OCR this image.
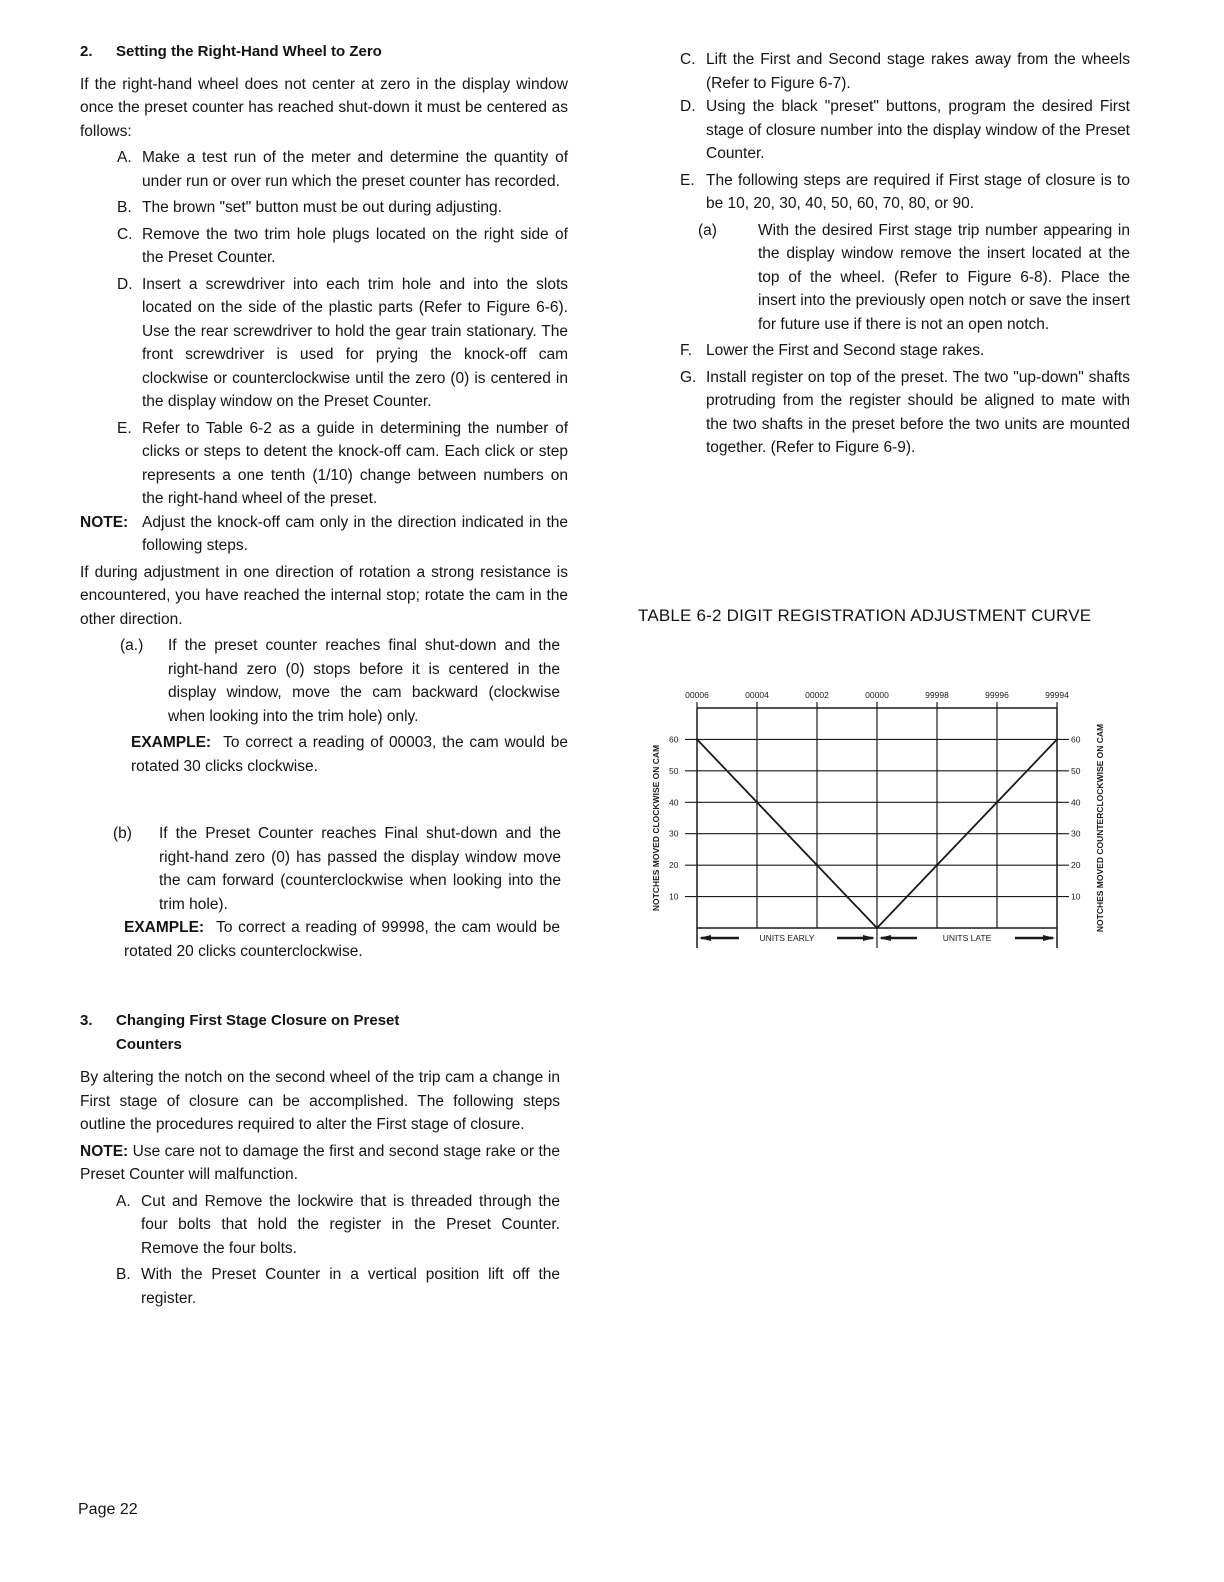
2. Setting the Right-Hand Wheel to Zero

If the right-hand wheel does not center at zero in the display window once the preset counter has reached shut-down it must be centered as follows:

A. Make a test run of the meter and determine the quantity of under run or over run which the preset counter has recorded.
B. The brown "set" button must be out during adjusting.
C. Remove the two trim hole plugs located on the right side of the Preset Counter.
D. Insert a screwdriver into each trim hole and into the slots located on the side of the plastic parts (Refer to Figure 6-6). Use the rear screwdriver to hold the gear train stationary. The front screwdriver is used for prying the knock-off cam clockwise or counterclockwise until the zero (0) is centered in the display window on the Preset Counter.
E. Refer to Table 6-2 as a guide in determining the number of clicks or steps to detent the knock-off cam. Each click or step represents a one tenth (1/10) change between numbers on the right-hand wheel of the preset.
NOTE: Adjust the knock-off cam only in the direction indicated in the following steps.

If during adjustment in one direction of rotation a strong resistance is encountered, you have reached the internal stop; rotate the cam in the other direction.

(a.)	If the preset counter reaches final shut-down and the right-hand zero (0) stops before it is centered in the display window, move the cam backward (clockwise when looking into the trim hole) only.

EXAMPLE: To correct a reading of 00003, the cam would be rotated 30 clicks clockwise.

(b)	If the Preset Counter reaches Final shut-down and the right-hand zero (0) has passed the display window move the cam forward (counterclockwise when looking into the trim hole).

EXAMPLE: To correct a reading of 99998, the cam would be rotated 20 clicks counterclockwise.

3. Changing First Stage Closure on Preset

Counters

By altering the notch on the second wheel of the trip cam a change in First stage of closure can be accomplished. The following steps outline the procedures required to alter the First stage of closure.

NOTE: Use care not to damage the first and second stage rake or the Preset Counter will malfunction.

A. Cut and Remove the lockwire that is threaded through the four bolts that hold the register in the Preset Counter. Remove the four bolts.
B. With the Preset Counter in a vertical position lift off the register.
C. Lift the First and Second stage rakes away from the wheels (Refer to Figure 6-7).
D. Using the black "preset" buttons, program the desired First stage of closure number into the display window of the Preset Counter.
E. The following steps are required if First stage of closure is to be 10, 20, 30, 40, 50, 60, 70, 80, or 90.
(a)	With the desired First stage trip number appearing in the display window remove the insert located at the top of the wheel. (Refer to Figure 6-8). Place the insert into the previously open notch or save the insert for future use if there is not an open notch.
F. Lower the First and Second stage rakes.
G. Install register on top of the preset. The two "up-down" shafts protruding from the register should be aligned to mate with the two shafts in the preset before the two units are mounted together. (Refer to Figure 6-9).
TABLE 6-2 DIGIT REGISTRATION ADJUSTMENT CURVE
00006	00004	00002	00000	99998	99996	99994
10	10
20	20
30	30
40	40
50	50
60	60
UNITS EARLY	UNITS LATE
NOTCHES MOVED CLOCKWISE ON CAM	NOTCHES MOVED COUNTERCLOCKWISE ON CAM
Page 22
